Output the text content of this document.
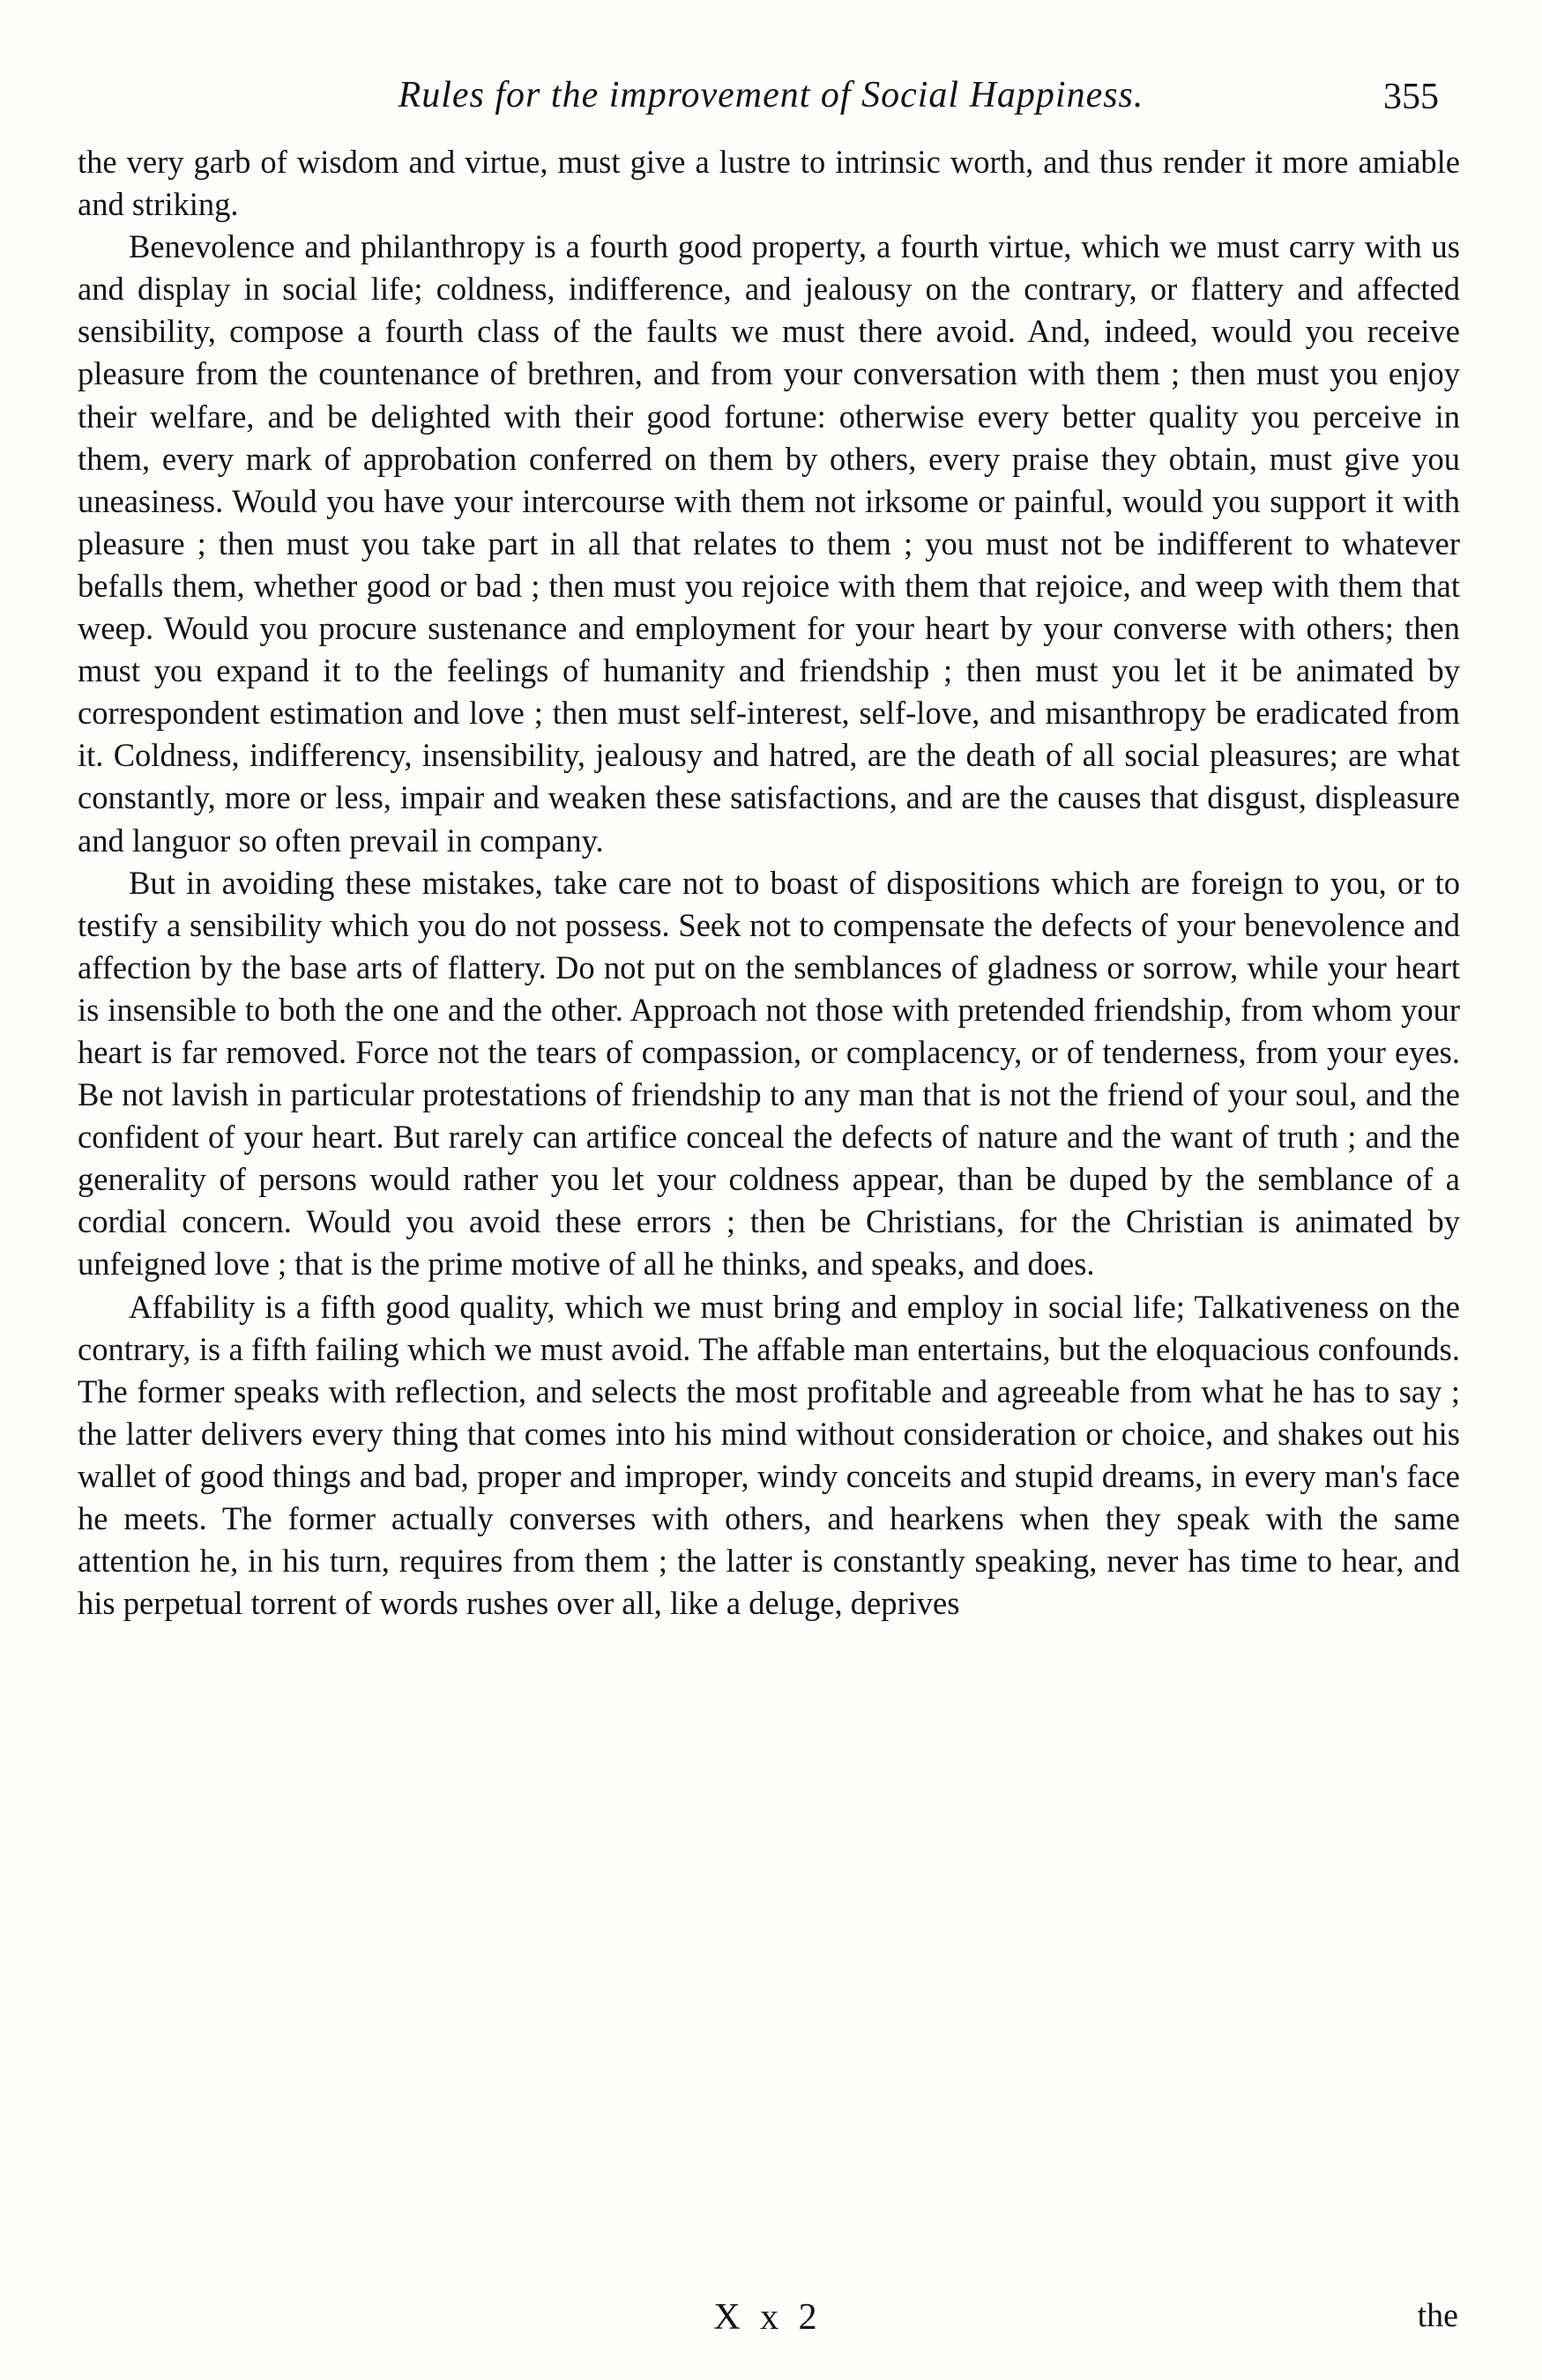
Rules for the improvement of Social Happiness.	355

the very garb of wisdom and virtue, must give a lustre to intrinsic worth, and thus render it more amiable and striking.

Benevolence and philanthropy is a fourth good property, a fourth virtue, which we must carry with us and display in social life; coldness, indifference, and jealousy on the contrary, or flattery and affected sensibility, compose a fourth class of the faults we must there avoid. And, indeed, would you receive pleasure from the countenance of brethren, and from your conversation with them ; then must you enjoy their welfare, and be delighted with their good fortune: otherwise every better quality you perceive in them, every mark of approbation conferred on them by others, every praise they obtain, must give you uneasiness. Would you have your intercourse with them not irksome or painful, would you support it with pleasure ; then must you take part in all that relates to them ; you must not be indifferent to whatever befalls them, whether good or bad ; then must you rejoice with them that rejoice, and weep with them that weep. Would you procure sustenance and employment for your heart by your converse with others; then must you expand it to the feelings of humanity and friendship ; then must you let it be animated by correspondent estimation and love ; then must self-interest, self-love, and misanthropy be eradicated from it. Coldness, indifferency, insensibility, jealousy and hatred, are the death of all social pleasures; are what constantly, more or less, impair and weaken these satisfactions, and are the causes that disgust, displeasure and languor so often prevail in company.

But in avoiding these mistakes, take care not to boast of dispositions which are foreign to you, or to testify a sensibility which you do not possess. Seek not to compensate the defects of your benevolence and affection by the base arts of flattery. Do not put on the semblances of gladness or sorrow, while your heart is insensible to both the one and the other. Approach not those with pretended friendship, from whom your heart is far removed. Force not the tears of compassion, or complacency, or of tenderness, from your eyes. Be not lavish in particular protestations of friendship to any man that is not the friend of your soul, and the confident of your heart. But rarely can artifice conceal the defects of nature and the want of truth ; and the generality of persons would rather you let your coldness appear, than be duped by the semblance of a cordial concern. Would you avoid these errors ; then be Christians, for the Christian is animated by unfeigned love ; that is the prime motive of all he thinks, and speaks, and does.

Affability is a fifth good quality, which we must bring and employ in social life; Talkativeness on the contrary, is a fifth failing which we must avoid. The affable man entertains, but the eloquacious confounds. The former speaks with reflection, and selects the most profitable and agreeable from what he has to say ; the latter delivers every thing that comes into his mind without consideration or choice, and shakes out his wallet of good things and bad, proper and improper, windy conceits and stupid dreams, in every man's face he meets. The former actually converses with others, and hearkens when they speak with the same attention he, in his turn, requires from them ; the latter is constantly speaking, never has time to hear, and his perpetual torrent of words rushes over all, like a deluge, deprives

X x 2	the
